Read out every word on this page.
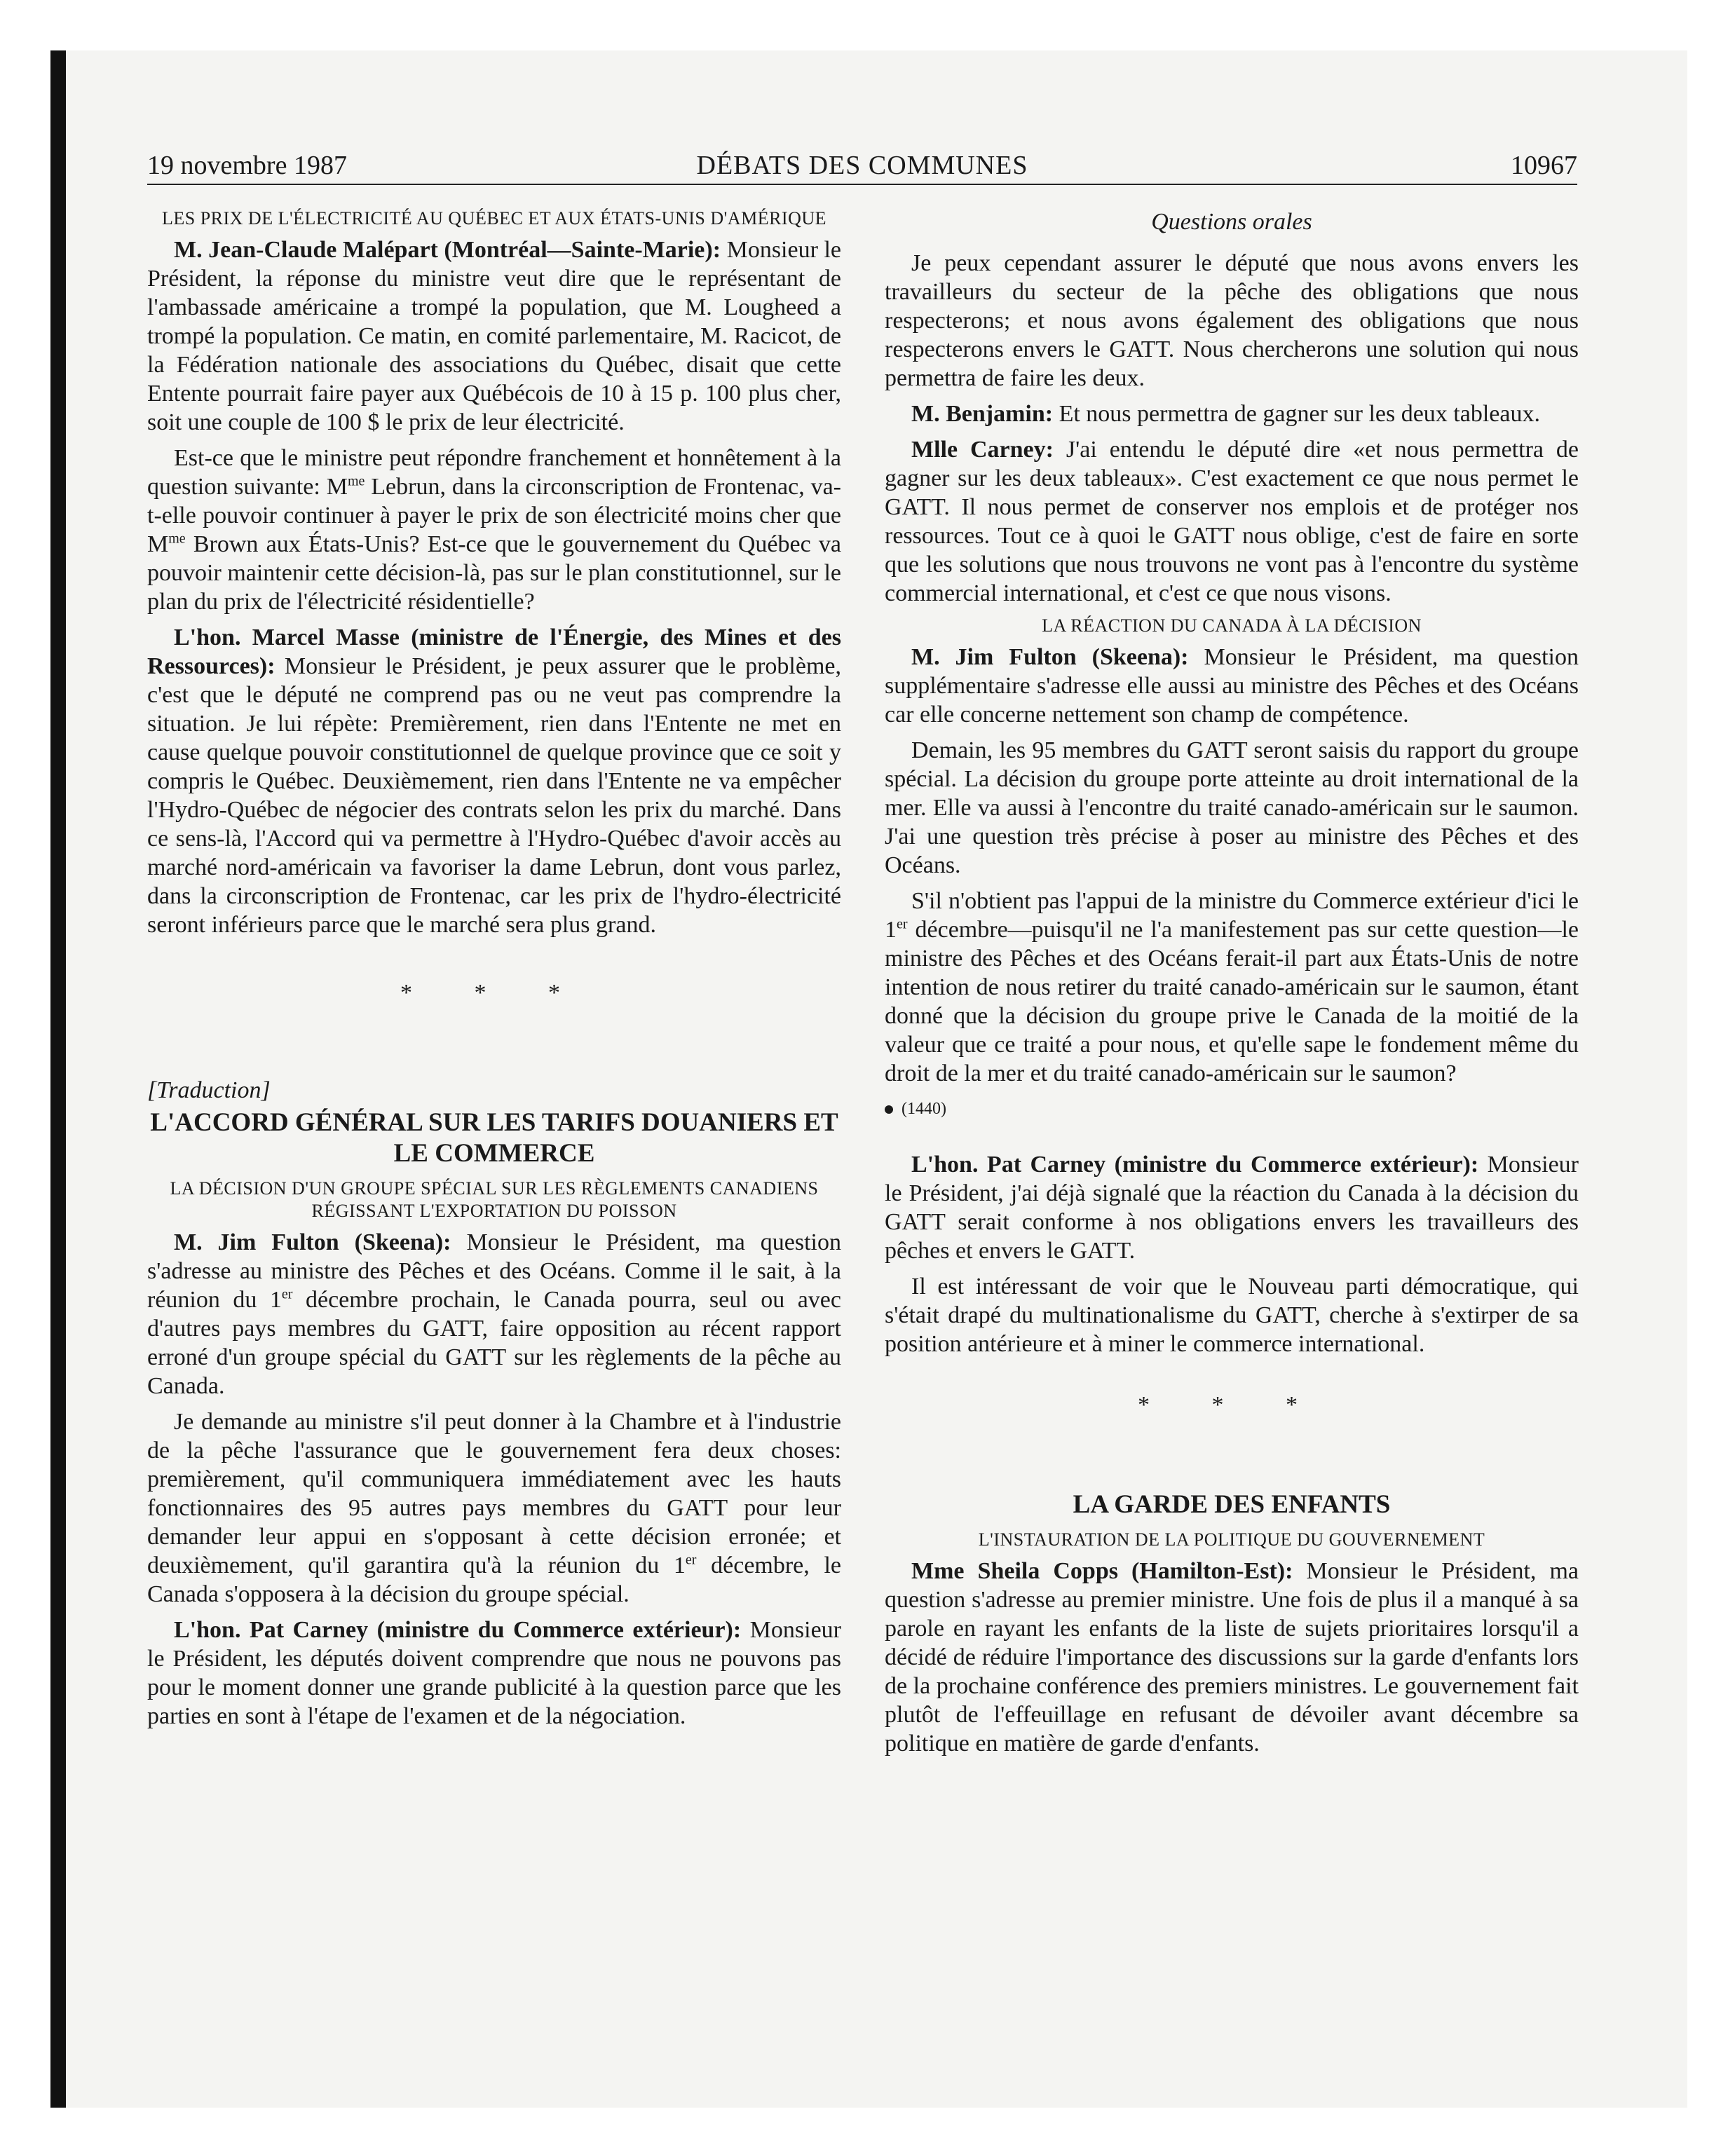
19 novembre 1987	DÉBATS DES COMMUNES	10967
LES PRIX DE L'ÉLECTRICITÉ AU QUÉBEC ET AUX ÉTATS-UNIS D'AMÉRIQUE

M. Jean-Claude Malépart (Montréal—Sainte-Marie): Monsieur le Président, la réponse du ministre veut dire que le représentant de l'ambassade américaine a trompé la population, que M. Lougheed a trompé la population. Ce matin, en comité parlementaire, M. Racicot, de la Fédération nationale des associations du Québec, disait que cette Entente pourrait faire payer aux Québécois de 10 à 15 p. 100 plus cher, soit une couple de 100 $ le prix de leur électricité.

Est-ce que le ministre peut répondre franchement et honnêtement à la question suivante: $M^{me}$ Lebrun, dans la circonscription de Frontenac, va-t-elle pouvoir continuer à payer le prix de son électricité moins cher que $M^{me}$ Brown aux États-Unis? Est-ce que le gouvernement du Québec va pouvoir maintenir cette décision-là, pas sur le plan constitutionnel, sur le plan du prix de l'électricité résidentielle?

L'hon. Marcel Masse (ministre de l'Énergie, des Mines et des Ressources): Monsieur le Président, je peux assurer que le problème, c'est que le député ne comprend pas ou ne veut pas comprendre la situation. Je lui répète: Premièrement, rien dans l'Entente ne met en cause quelque pouvoir constitutionnel de quelque province que ce soit y compris le Québec. Deuxièmement, rien dans l'Entente ne va empêcher l'Hydro-Québec de négocier des contrats selon les prix du marché. Dans ce sens-là, l'Accord qui va permettre à l'Hydro-Québec d'avoir accès au marché nord-américain va favoriser la dame Lebrun, dont vous parlez, dans la circonscription de Frontenac, car les prix de l'hydro-électricité seront inférieurs parce que le marché sera plus grand.

* * *
[Traduction]
L'ACCORD GÉNÉRAL SUR LES TARIFS DOUANIERS ET LE COMMERCE
LA DÉCISION D'UN GROUPE SPÉCIAL SUR LES RÈGLEMENTS CANADIENS RÉGISSANT L'EXPORTATION DU POISSON

M. Jim Fulton (Skeena): Monsieur le Président, ma question s'adresse au ministre des Pêches et des Océans. Comme il le sait, à la réunion du 1er décembre prochain, le Canada pourra, seul ou avec d'autres pays membres du GATT, faire opposition au récent rapport erroné d'un groupe spécial du GATT sur les règlements de la pêche au Canada.

Je demande au ministre s'il peut donner à la Chambre et à l'industrie de la pêche l'assurance que le gouvernement fera deux choses: premièrement, qu'il communiquera immédiatement avec les hauts fonctionnaires des 95 autres pays membres du GATT pour leur demander leur appui en s'opposant à cette décision erronée; et deuxièmement, qu'il garantira qu'à la réunion du 1er décembre, le Canada s'opposera à la décision du groupe spécial.

L'hon. Pat Carney (ministre du Commerce extérieur): Monsieur le Président, les députés doivent comprendre que nous ne pouvons pas pour le moment donner une grande publicité à la question parce que les parties en sont à l'étape de l'examen et de la négociation.

Questions orales

Je peux cependant assurer le député que nous avons envers les travailleurs du secteur de la pêche des obligations que nous respecterons; et nous avons également des obligations que nous respecterons envers le GATT. Nous chercherons une solution qui nous permettra de faire les deux.

M. Benjamin: Et nous permettra de gagner sur les deux tableaux.

Mlle Carney: J'ai entendu le député dire «et nous permettra de gagner sur les deux tableaux». C'est exactement ce que nous permet le GATT. Il nous permet de conserver nos emplois et de protéger nos ressources. Tout ce à quoi le GATT nous oblige, c'est de faire en sorte que les solutions que nous trouvons ne vont pas à l'encontre du système commercial international, et c'est ce que nous visons.

LA RÉACTION DU CANADA À LA DÉCISION

M. Jim Fulton (Skeena): Monsieur le Président, ma question supplémentaire s'adresse elle aussi au ministre des Pêches et des Océans car elle concerne nettement son champ de compétence.

Demain, les 95 membres du GATT seront saisis du rapport du groupe spécial. La décision du groupe porte atteinte au droit international de la mer. Elle va aussi à l'encontre du traité canado-américain sur le saumon. J'ai une question très précise à poser au ministre des Pêches et des Océans.

S'il n'obtient pas l'appui de la ministre du Commerce extérieur d'ici le 1er décembre—puisqu'il ne l'a manifestement pas sur cette question—le ministre des Pêches et des Océans ferait-il part aux États-Unis de notre intention de nous retirer du traité canado-américain sur le saumon, étant donné que la décision du groupe prive le Canada de la moitié de la valeur que ce traité a pour nous, et qu'elle sape le fondement même du droit de la mer et du traité canado-américain sur le saumon?

(1440)

L'hon. Pat Carney (ministre du Commerce extérieur): Monsieur le Président, j'ai déjà signalé que la réaction du Canada à la décision du GATT serait conforme à nos obligations envers les travailleurs des pêches et envers le GATT.

Il est intéressant de voir que le Nouveau parti démocratique, qui s'était drapé du multinationalisme du GATT, cherche à s'extirper de sa position antérieure et à miner le commerce international.

* * *
LA GARDE DES ENFANTS
L'INSTAURATION DE LA POLITIQUE DU GOUVERNEMENT

Mme Sheila Copps (Hamilton-Est): Monsieur le Président, ma question s'adresse au premier ministre. Une fois de plus il a manqué à sa parole en rayant les enfants de la liste de sujets prioritaires lorsqu'il a décidé de réduire l'importance des discussions sur la garde d'enfants lors de la prochaine conférence des premiers ministres. Le gouvernement fait plutôt de l'effeuillage en refusant de dévoiler avant décembre sa politique en matière de garde d'enfants.
